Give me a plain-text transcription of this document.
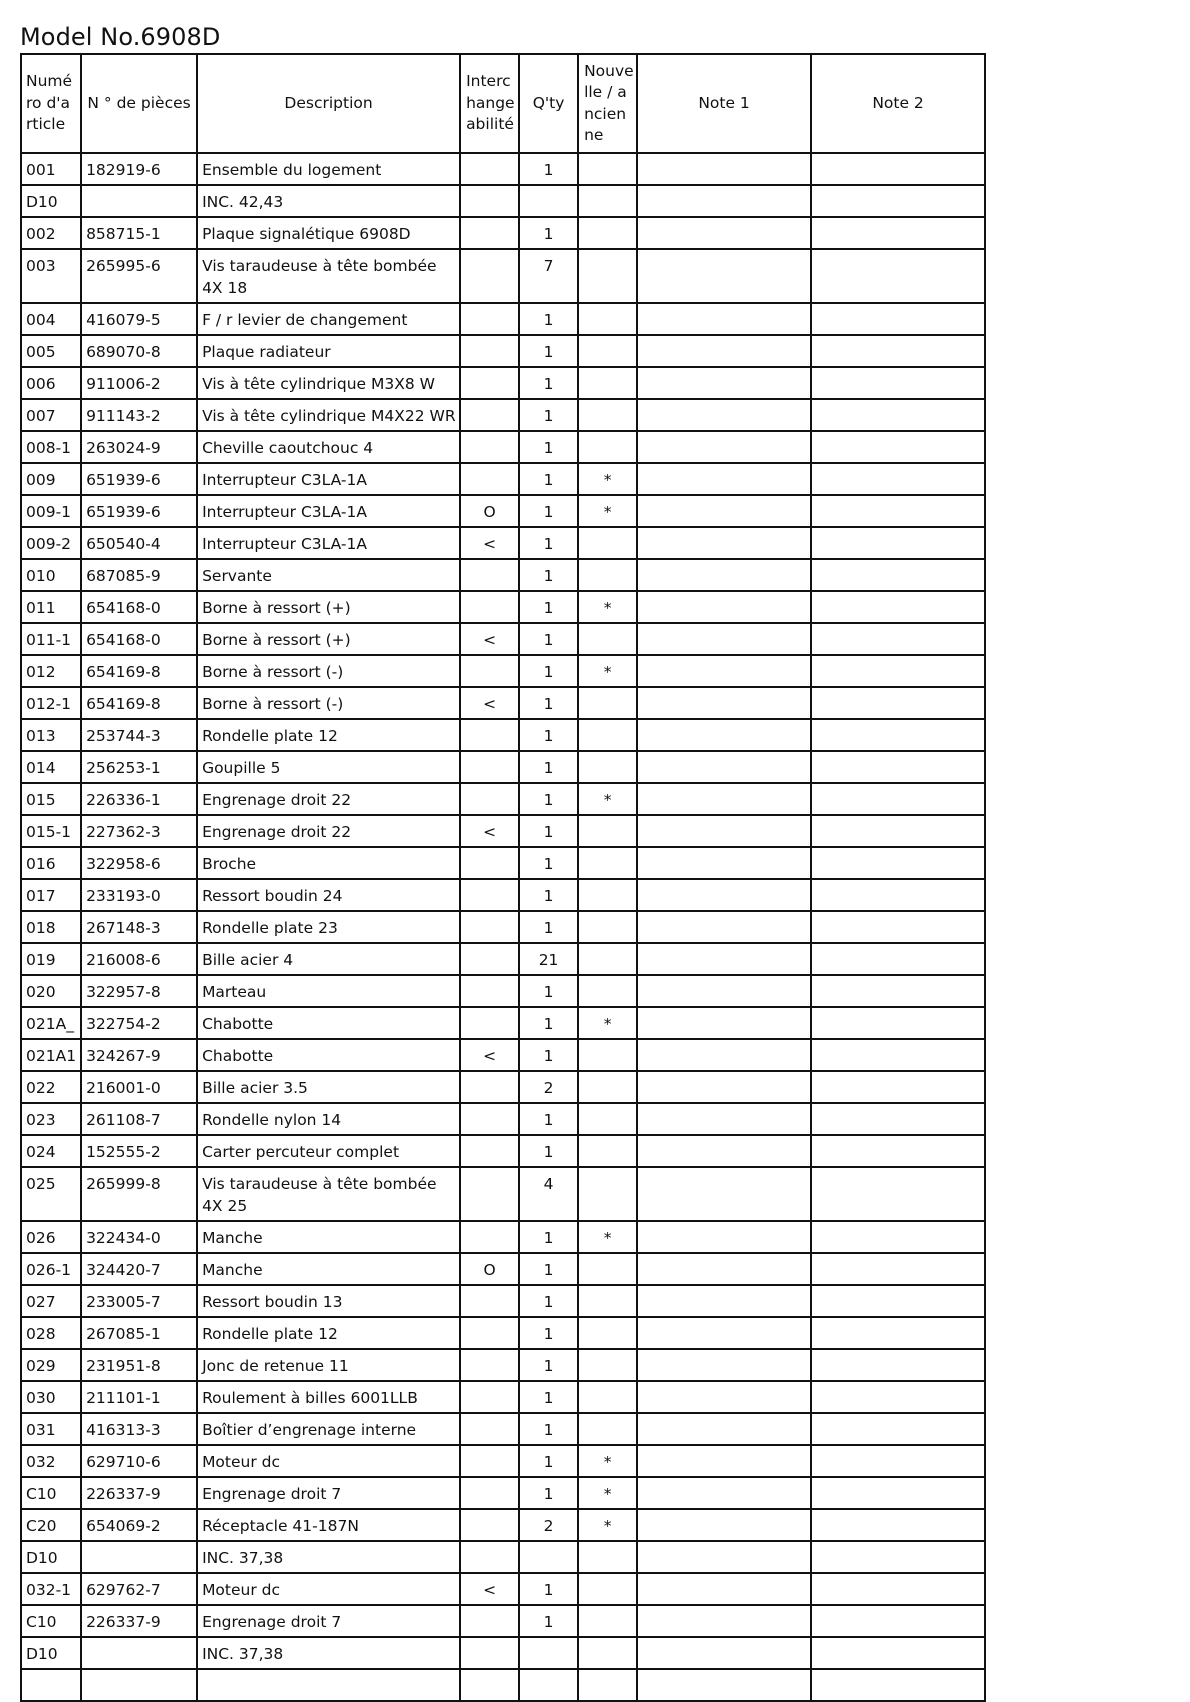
Model No.6908D
Numéro d'article	N ° de pièces	Description	Interchangeabilité	Q'ty	Nouvelle / ancienne	Note 1	Note 2
001	182919-6	Ensemble du logement		1			
D10		INC. 42,43					
002	858715-1	Plaque signalétique 6908D		1			
003	265995-6	Vis taraudeuse à tête bombée 4X 18		7			
004	416079-5	F / r levier de changement		1			
005	689070-8	Plaque radiateur		1			
006	911006-2	Vis à tête cylindrique M3X8 W		1			
007	911143-2	Vis à tête cylindrique M4X22 WR		1			
008-1	263024-9	Cheville caoutchouc 4		1			
009	651939-6	Interrupteur C3LA-1A		1	*		
009-1	651939-6	Interrupteur C3LA-1A	O	1	*		
009-2	650540-4	Interrupteur C3LA-1A	<	1			
010	687085-9	Servante		1			
011	654168-0	Borne à ressort (+)		1	*		
011-1	654168-0	Borne à ressort (+)	<	1			
012	654169-8	Borne à ressort (-)		1	*		
012-1	654169-8	Borne à ressort (-)	<	1			
013	253744-3	Rondelle plate 12		1			
014	256253-1	Goupille 5		1			
015	226336-1	Engrenage droit 22		1	*		
015-1	227362-3	Engrenage droit 22	<	1			
016	322958-6	Broche		1			
017	233193-0	Ressort boudin 24		1			
018	267148-3	Rondelle plate 23		1			
019	216008-6	Bille acier 4		21			
020	322957-8	Marteau		1			
021A_	322754-2	Chabotte		1	*		
021A1	324267-9	Chabotte	<	1			
022	216001-0	Bille acier 3.5		2			
023	261108-7	Rondelle nylon 14		1			
024	152555-2	Carter percuteur complet		1			
025	265999-8	Vis taraudeuse à tête bombée 4X 25		4			
026	322434-0	Manche		1	*		
026-1	324420-7	Manche	O	1			
027	233005-7	Ressort boudin 13		1			
028	267085-1	Rondelle plate 12		1			
029	231951-8	Jonc de retenue 11		1			
030	211101-1	Roulement à billes 6001LLB		1			
031	416313-3	Boîtier d’engrenage interne		1			
032	629710-6	Moteur dc		1	*		
C10	226337-9	Engrenage droit 7		1	*		
C20	654069-2	Réceptacle 41-187N		2	*		
D10		INC. 37,38					
032-1	629762-7	Moteur dc	<	1			
C10	226337-9	Engrenage droit 7		1			
D10		INC. 37,38					
